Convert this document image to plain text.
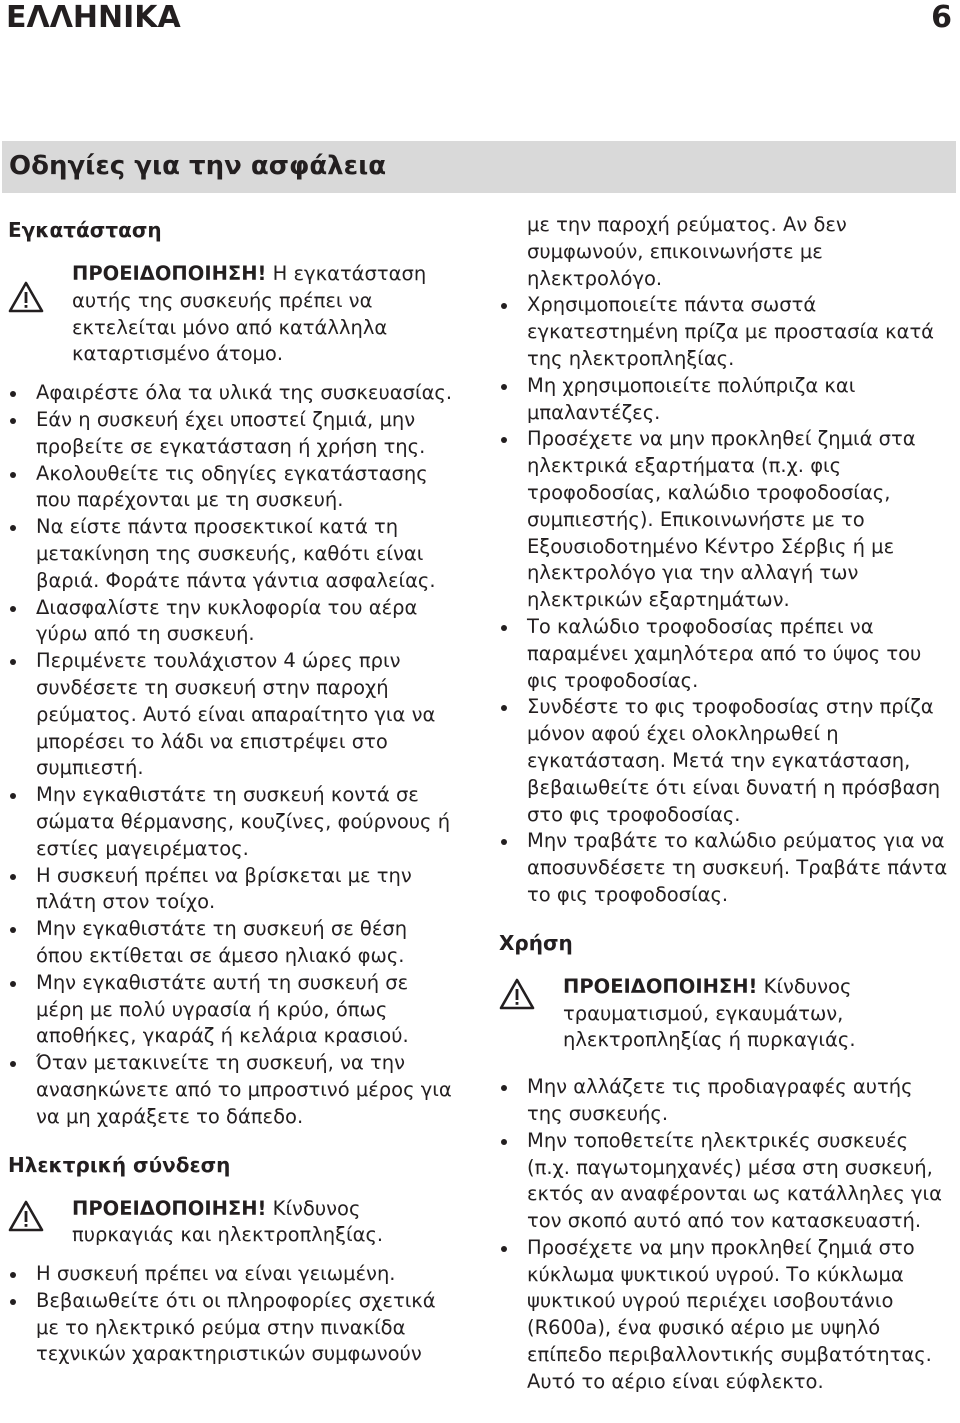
ΕΛΛΗΝΙΚΑ	6
Οδηγίες για την ασφάλεια

Εγκατάσταση

ΠΡΟΕΙΔΟΠΟΙΗΣΗ! Η εγκατάσταση αυτής της συσκευής πρέπει να εκτελείται μόνο από κατάλληλα καταρτισμένο άτομο.
Αφαιρέστε όλα τα υλικά της συσκευασίας.
Εάν η συσκευή έχει υποστεί ζημιά, μην προβείτε σε εγκατάσταση ή χρήση της.
Ακολουθείτε τις οδηγίες εγκατάστασης που παρέχονται με τη συσκευή.
Να είστε πάντα προσεκτικοί κατά τη μετακίνηση της συσκευής, καθότι είναι βαριά. Φοράτε πάντα γάντια ασφαλείας.
Διασφαλίστε την κυκλοφορία του αέρα γύρω από τη συσκευή.
Περιμένετε τουλάχιστον 4 ώρες πριν συνδέσετε τη συσκευή στην παροχή ρεύματος. Αυτό είναι απαραίτητο για να μπορέσει το λάδι να επιστρέψει στο συμπιεστή.
Μην εγκαθιστάτε τη συσκευή κοντά σε σώματα θέρμανσης, κουζίνες, φούρνους ή εστίες μαγειρέματος.
Η συσκευή πρέπει να βρίσκεται με την πλάτη στον τοίχο.
Μην εγκαθιστάτε τη συσκευή σε θέση όπου εκτίθεται σε άμεσο ηλιακό φως.
Μην εγκαθιστάτε αυτή τη συσκευή σε μέρη με πολύ υγρασία ή κρύο, όπως αποθήκες, γκαράζ ή κελάρια κρασιού.
Όταν μετακινείτε τη συσκευή, να την ανασηκώνετε από το μπροστινό μέρος για να μη χαράξετε το δάπεδο.

Ηλεκτρική σύνδεση

ΠΡΟΕΙΔΟΠΟΙΗΣΗ! Κίνδυνος πυρκαγιάς και ηλεκτροπληξίας.
Η συσκευή πρέπει να είναι γειωμένη.
Βεβαιωθείτε ότι οι πληροφορίες σχετικά με το ηλεκτρικό ρεύμα στην πινακίδα τεχνικών χαρακτηριστικών συμφωνούν
με την παροχή ρεύματος. Αν δεν συμφωνούν, επικοινωνήστε με ηλεκτρολόγο.
Χρησιμοποιείτε πάντα σωστά εγκατεστημένη πρίζα με προστασία κατά της ηλεκτροπληξίας.
Μη χρησιμοποιείτε πολύπριζα και μπαλαντέζες.
Προσέχετε να μην προκληθεί ζημιά στα ηλεκτρικά εξαρτήματα (π.χ. φις τροφοδοσίας, καλώδιο τροφοδοσίας, συμπιεστής). Επικοινωνήστε με το Εξουσιοδοτημένο Κέντρο Σέρβις ή με ηλεκτρολόγο για την αλλαγή των ηλεκτρικών εξαρτημάτων.
Το καλώδιο τροφοδοσίας πρέπει να παραμένει χαμηλότερα από το ύψος του φις τροφοδοσίας.
Συνδέστε το φις τροφοδοσίας στην πρίζα μόνον αφού έχει ολοκληρωθεί η εγκατάσταση. Μετά την εγκατάσταση, βεβαιωθείτε ότι είναι δυνατή η πρόσβαση στο φις τροφοδοσίας.
Μην τραβάτε το καλώδιο ρεύματος για να αποσυνδέσετε τη συσκευή. Τραβάτε πάντα το φις τροφοδοσίας.

Χρήση

ΠΡΟΕΙΔΟΠΟΙΗΣΗ! Κίνδυνος τραυματισμού, εγκαυμάτων, ηλεκτροπληξίας ή πυρκαγιάς.
Μην αλλάζετε τις προδιαγραφές αυτής της συσκευής.
Μην τοποθετείτε ηλεκτρικές συσκευές (π.χ. παγωτομηχανές) μέσα στη συσκευή, εκτός αν αναφέρονται ως κατάλληλες για τον σκοπό αυτό από τον κατασκευαστή.
Προσέχετε να μην προκληθεί ζημιά στο κύκλωμα ψυκτικού υγρού. Το κύκλωμα ψυκτικού υγρού περιέχει ισοβουτάνιο (R600a), ένα φυσικό αέριο με υψηλό επίπεδο περιβαλλοντικής συμβατότητας. Αυτό το αέριο είναι εύφλεκτο.
